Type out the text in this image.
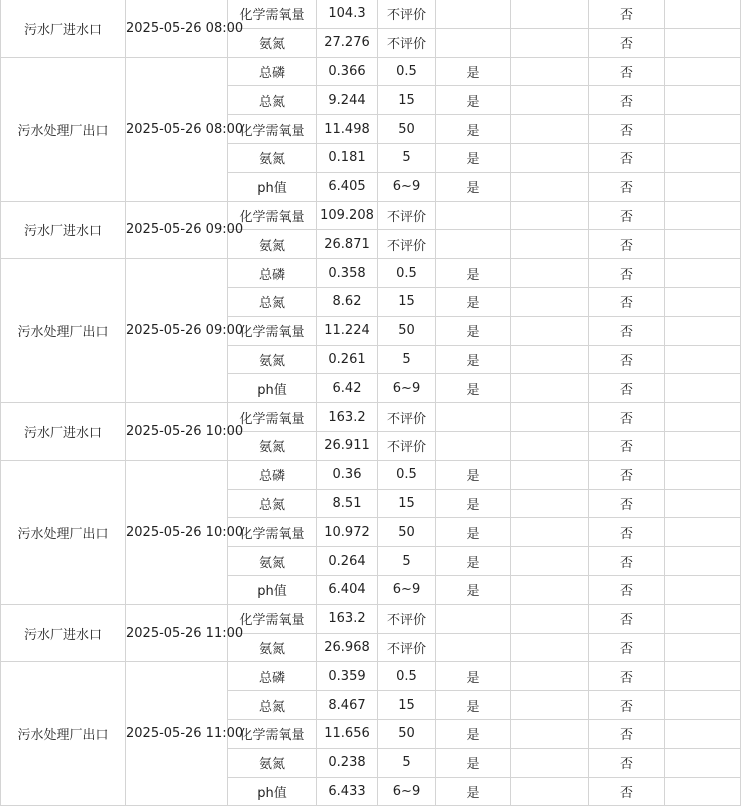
污水厂进水口	2025-05-26 08:00	化学需氧量	104.3	不评价			否	
		氨氮	27.276	不评价			否	
污水处理厂出口	2025-05-26 08:00	总磷	0.366	0.5	是		否	
		总氮	9.244	15	是		否	
		化学需氧量	11.498	50	是		否	
		氨氮	0.181	5	是		否	
		ph值	6.405	6~9	是		否	
污水厂进水口	2025-05-26 09:00	化学需氧量	109.208	不评价			否	
		氨氮	26.871	不评价			否	
污水处理厂出口	2025-05-26 09:00	总磷	0.358	0.5	是		否	
		总氮	8.62	15	是		否	
		化学需氧量	11.224	50	是		否	
		氨氮	0.261	5	是		否	
		ph值	6.42	6~9	是		否	
污水厂进水口	2025-05-26 10:00	化学需氧量	163.2	不评价			否	
		氨氮	26.911	不评价			否	
污水处理厂出口	2025-05-26 10:00	总磷	0.36	0.5	是		否	
		总氮	8.51	15	是		否	
		化学需氧量	10.972	50	是		否	
		氨氮	0.264	5	是		否	
		ph值	6.404	6~9	是		否	
污水厂进水口	2025-05-26 11:00	化学需氧量	163.2	不评价			否	
		氨氮	26.968	不评价			否	
污水处理厂出口	2025-05-26 11:00	总磷	0.359	0.5	是		否	
		总氮	8.467	15	是		否	
		化学需氧量	11.656	50	是		否	
		氨氮	0.238	5	是		否	
		ph值	6.433	6~9	是		否	
